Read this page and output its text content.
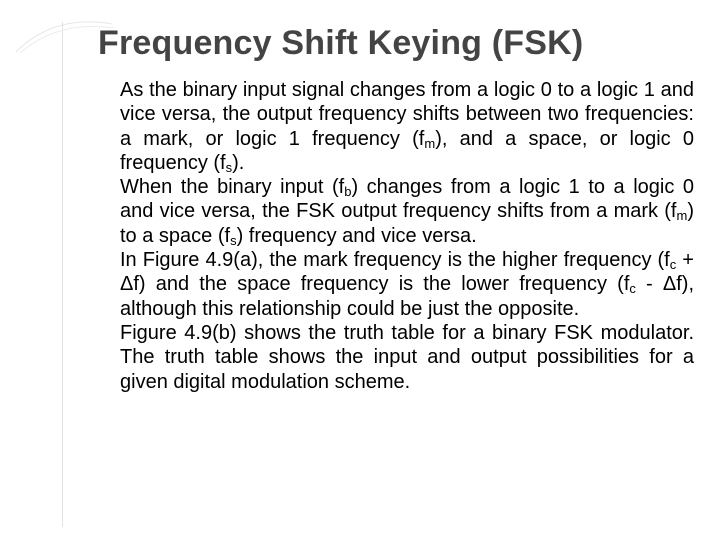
Frequency Shift Keying (FSK)
As the binary input signal changes from a logic 0 to a logic 1 and vice versa, the output frequency shifts between two frequencies: a mark, or logic 1 frequency $(f_m)$, and a space, or logic 0 frequency $(f_s)$.
When the binary input $(f_b)$ changes from a logic 1 to a logic 0 and vice versa, the FSK output frequency shifts from a mark $(f_m)$ to a space $(f_s)$ frequency and vice versa.
In Figure 4.9(a), the mark frequency is the higher frequency $(f_c + \Delta f)$ and the space frequency is the lower frequency $(f_c - \Delta f)$, although this relationship could be just the opposite.
Figure 4.9(b) shows the truth table for a binary FSK modulator. The truth table shows the input and output possibilities for a given digital modulation scheme.
